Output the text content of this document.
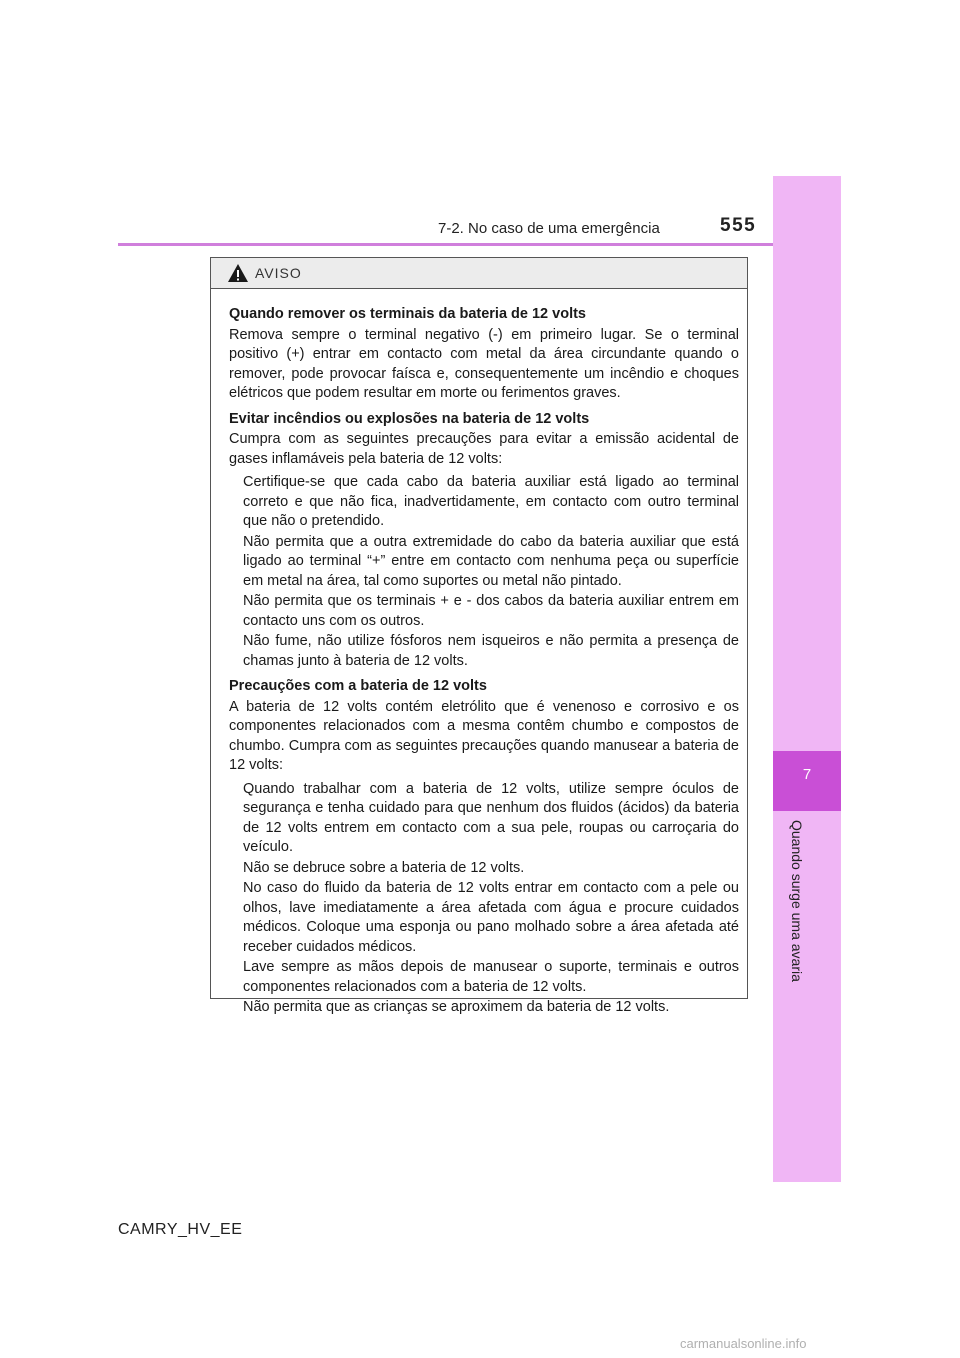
7-2. No caso de uma emergência	555
7
Quando surge uma avaria
AVISO
Quando remover os terminais da bateria de 12 volts

Remova sempre o terminal negativo (-) em primeiro lugar. Se o terminal positivo (+) entrar em contacto com metal da área circundante quando o remover, pode provocar faísca e, consequentemente um incêndio e choques elétricos que podem resultar em morte ou ferimentos graves.

Evitar incêndios ou explosões na bateria de 12 volts

Cumpra com as seguintes precauções para evitar a emissão acidental de gases inflamáveis pela bateria de 12 volts:

Certifique-se que cada cabo da bateria auxiliar está ligado ao terminal correto e que não fica, inadvertidamente, em contacto com outro terminal que não o pretendido.
Não permita que a outra extremidade do cabo da bateria auxiliar que está ligado ao terminal “+” entre em contacto com nenhuma peça ou superfície em metal na área, tal como suportes ou metal não pintado.
Não permita que os terminais + e - dos cabos da bateria auxiliar entrem em contacto uns com os outros.
Não fume, não utilize fósforos nem isqueiros e não permita a presença de chamas junto à bateria de 12 volts.
Precauções com a bateria de 12 volts

A bateria de 12 volts contém eletrólito que é venenoso e corrosivo e os componentes relacionados com a mesma contêm chumbo e compostos de chumbo. Cumpra com as seguintes precauções quando manusear a bateria de 12 volts:

Quando trabalhar com a bateria de 12 volts, utilize sempre óculos de segurança e tenha cuidado para que nenhum dos fluidos (ácidos) da bateria de 12 volts entrem em contacto com a sua pele, roupas ou carroçaria do veículo.
Não se debruce sobre a bateria de 12 volts.
No caso do fluido da bateria de 12 volts entrar em contacto com a pele ou olhos, lave imediatamente a área afetada com água e procure cuidados médicos. Coloque uma esponja ou pano molhado sobre a área afetada até receber cuidados médicos.
Lave sempre as mãos depois de manusear o suporte, terminais e outros componentes relacionados com a bateria de 12 volts.
Não permita que as crianças se aproximem da bateria de 12 volts.
CAMRY_HV_EE
carmanualsonline.info
